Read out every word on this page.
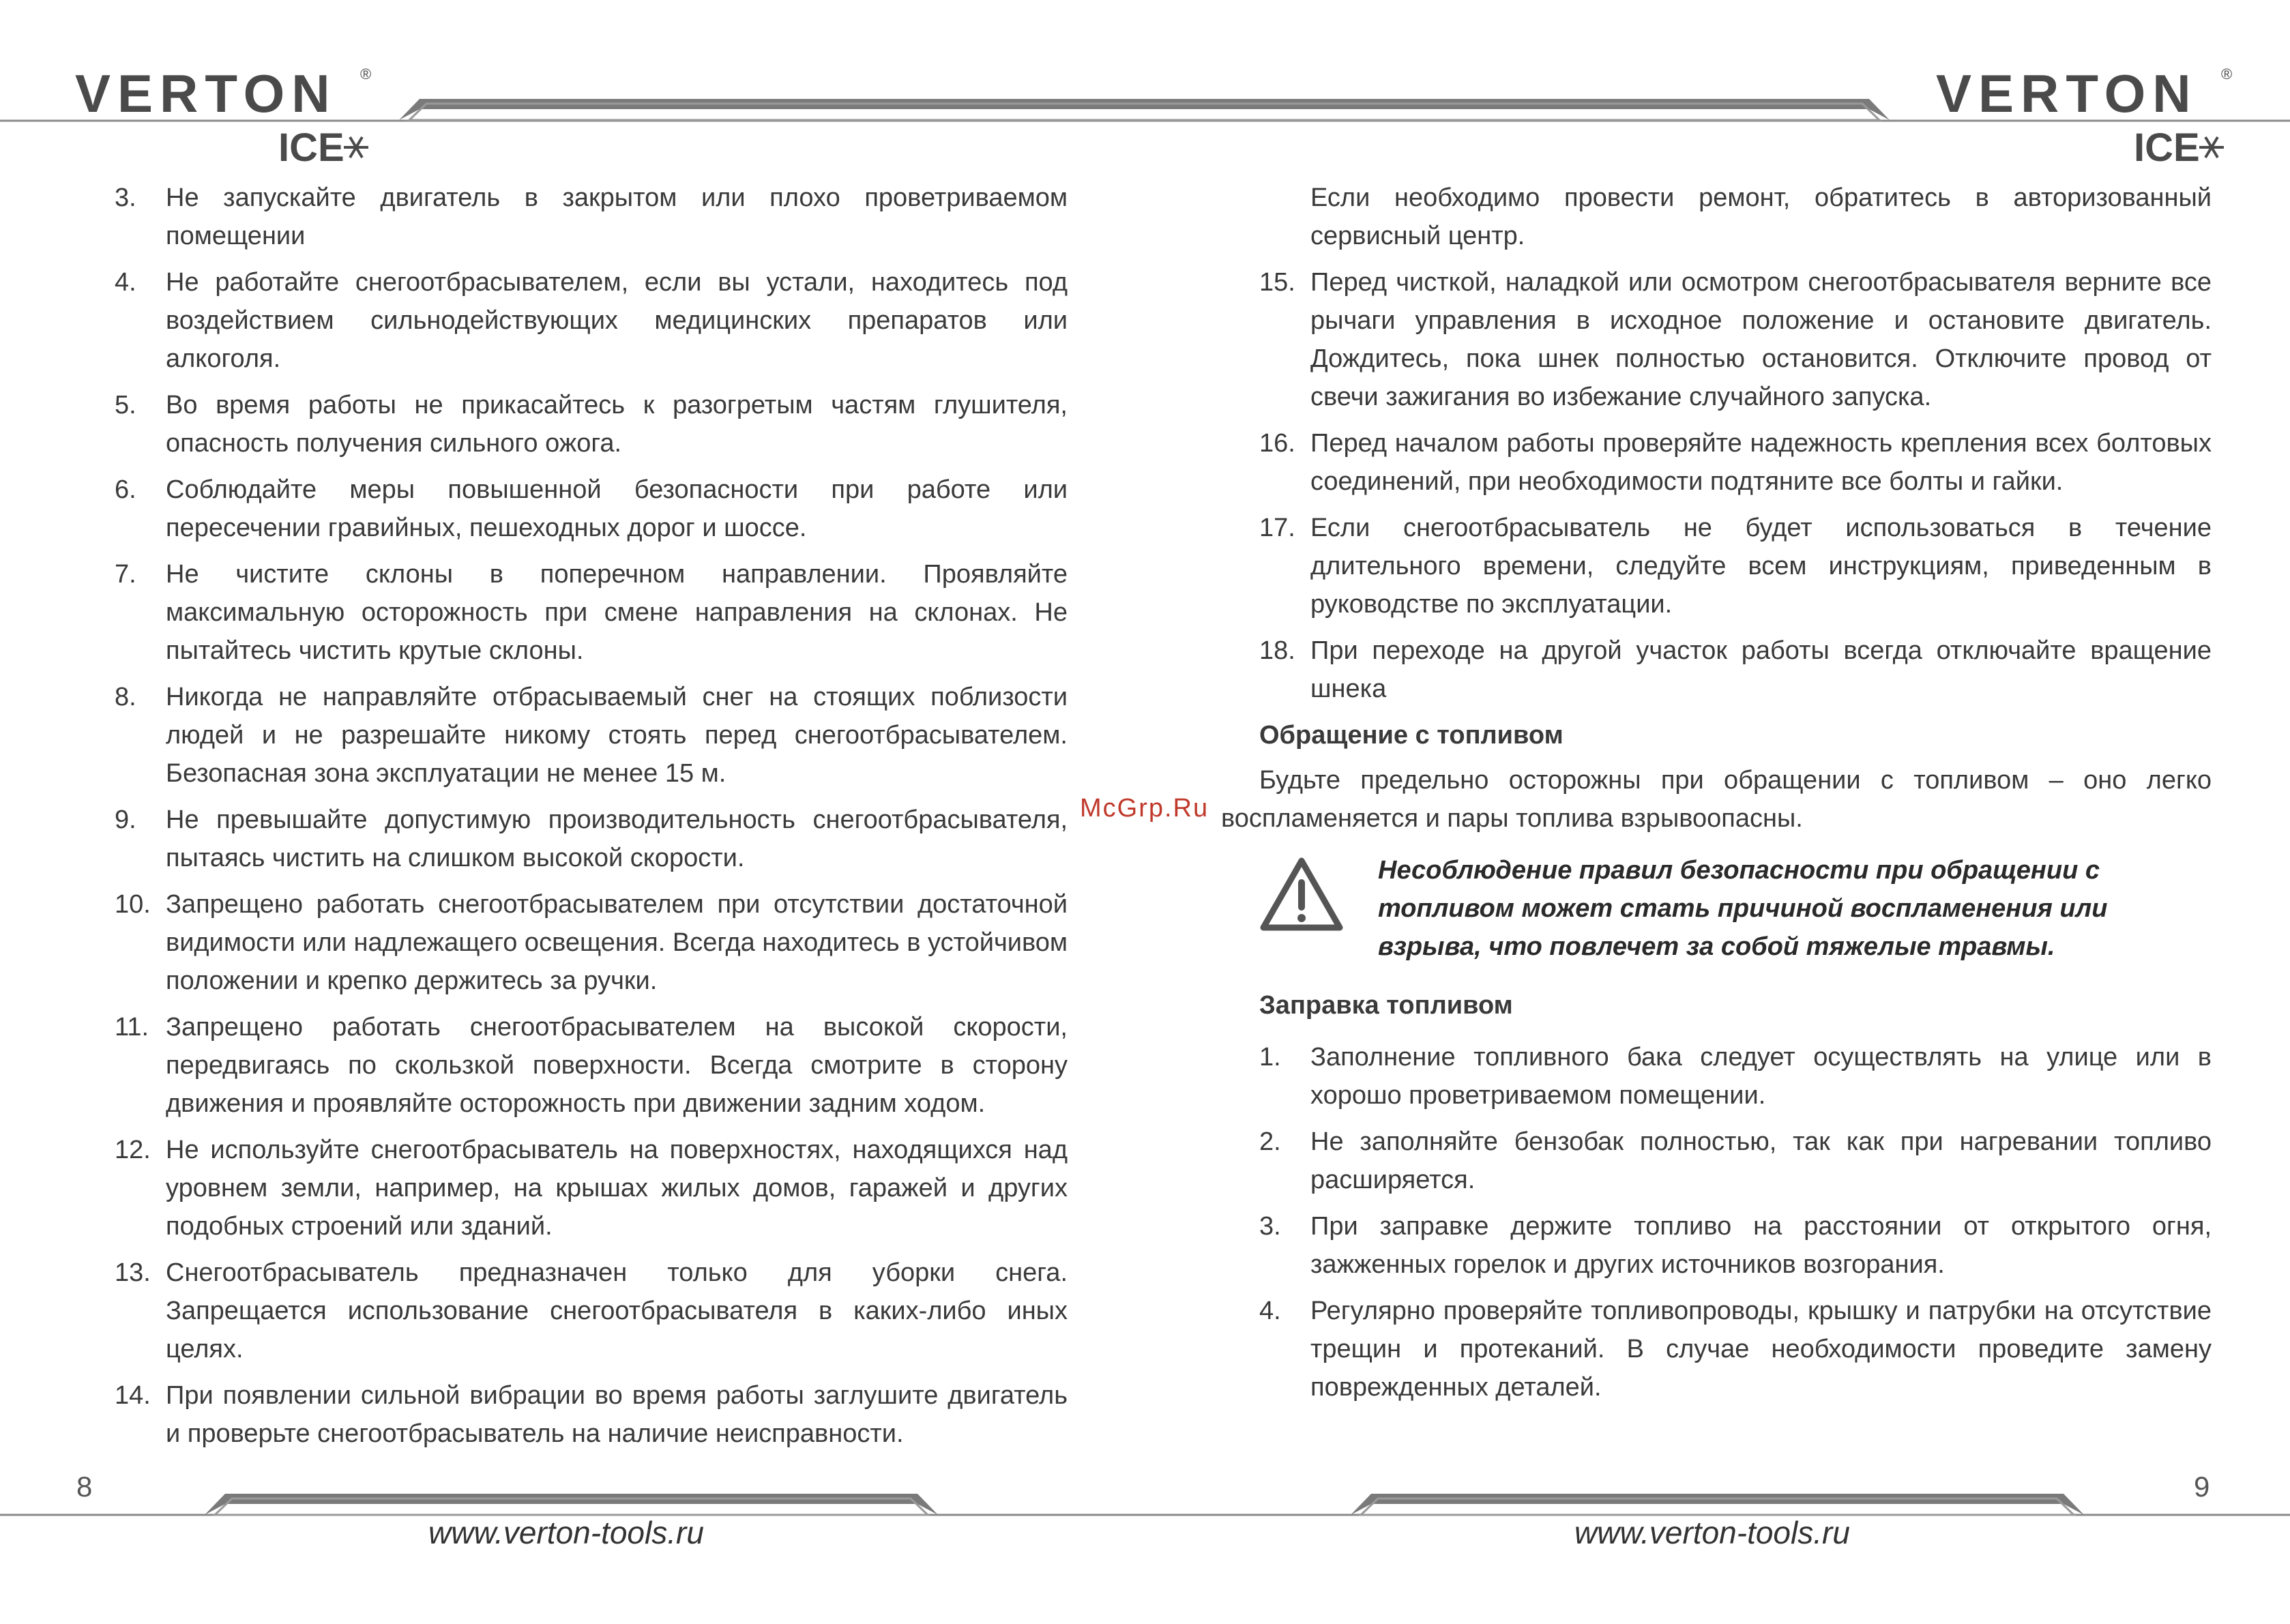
VERTON ®
ICE
VERTON ®
ICE
3. Не запускайте двигатель в закрытом или плохо проветриваемом помещении
4. Не работайте снегоотбрасывателем, если вы устали, находитесь под воздействием сильнодействующих медицинских препаратов или алкоголя.
5. Во время работы не прикасайтесь к разогретым частям глушителя, опасность получения сильного ожога.
6. Соблюдайте меры повышенной безопасности при работе или пересечении гравийных, пешеходных дорог и шоссе.
7. Не чистите склоны в поперечном направлении. Проявляйте максимальную осторожность при смене направления на склонах. Не пытайтесь чистить крутые склоны.
8. Никогда не направляйте отбрасываемый снег на стоящих поблизости людей и не разрешайте никому стоять перед снегоотбрасывателем. Безопасная зона эксплуатации не менее 15 м.
9. Не превышайте допустимую производительность снегоотбрасывателя, пытаясь чистить на слишком высокой скорости.
10. Запрещено работать снегоотбрасывателем при отсутствии достаточной видимости или надлежащего освещения. Всегда находитесь в устойчивом положении и крепко держитесь за ручки.
11. Запрещено работать снегоотбрасывателем на высокой скорости, передвигаясь по скользкой поверхности. Всегда смотрите в сторону движения и проявляйте осторожность при движении задним ходом.
12. Не используйте снегоотбрасыватель на поверхностях, находящихся над уровнем земли, например, на крышах жилых домов, гаражей и других подобных строений или зданий.
13. Снегоотбрасыватель предназначен только для уборки снега. Запрещается использование снегоотбрасывателя в каких-либо иных целях.
14. При появлении сильной вибрации во время работы заглушите двигатель и проверьте снегоотбрасыватель на наличие неисправности.
McGrp.Ru
Если необходимо провести ремонт, обратитесь в авторизованный сервисный центр.
15. Перед чисткой, наладкой или осмотром снегоотбрасывателя верните все рычаги управления в исходное положение и остановите двигатель. Дождитесь, пока шнек полностью остановится. Отключите провод от свечи зажигания во избежание случайного запуска.
16. Перед началом работы проверяйте надежность крепления всех болтовых соединений, при необходимости подтяните все болты и гайки.
17. Если снегоотбрасыватель не будет использоваться в течение длительного времени, следуйте всем инструкциям, приведенным в руководстве по эксплуатации.
18. При переходе на другой участок работы всегда отключайте вращение шнека
Обращение с топливом
Будьте предельно осторожны при обращении с топливом – оно легко воспламеняется и пары топлива взрывоопасны.
Несоблюдение правил безопасности при обращении с топливом может стать причиной воспламенения или взрыва, что повлечет за собой тяжелые травмы.
Заправка топливом
1. Заполнение топливного бака следует осуществлять на улице или в хорошо проветриваемом помещении.
2. Не заполняйте бензобак полностью, так как при нагревании топливо расширяется.
3. При заправке держите топливо на расстоянии от открытого огня, зажженных горелок и других источников возгорания.
4. Регулярно проверяйте топливопроводы, крышку и патрубки на отсутствие трещин и протеканий. В случае необходимости проведите замену поврежденных деталей.
8	9
www.verton-tools.ru	www.verton-tools.ru
